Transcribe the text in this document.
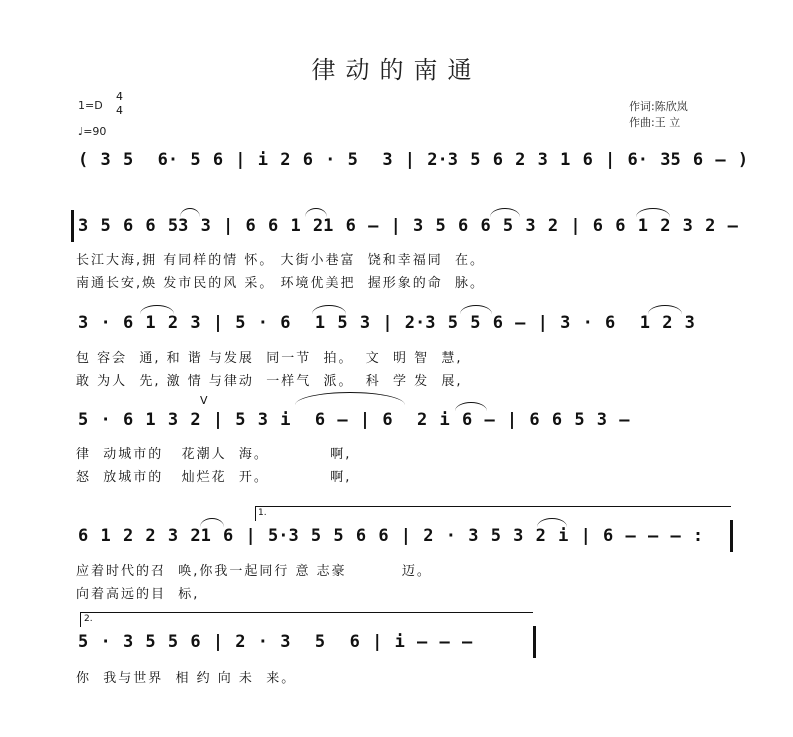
律动的南通
1=D
4
4
♩=90
作词:陈欣岚
作曲:王 立
( 3 5  6· 5 6 | i 2 6 · 5  3 | 2·3 5 6 2 3 1 6 | 6· 35 6 – )
3 5 6 6 53 3 | 6 6 1 21 6 – | 3 5 6 6 5 3 2 | 6 6 1 2 3 2 –
长江大海,拥 有同样的情 怀。 大街小巷富  饶和幸福同  在。
南通长安,焕 发市民的风 采。 环境优美把  握形象的命  脉。
3 · 6 1 2 3 | 5 · 6  1 5 3 | 2·3 5 5 6 – | 3 · 6  1 2 3
包 容会  通, 和 谐 与发展  同一节  拍。  文  明 智  慧,
敢 为人  先, 激 情 与律动  一样气  派。  科  学 发  展,
V
5 · 6 1 3 2 | 5 3 i  6 – | 6  2 i 6 – | 6 6 5 3 –
律  动城市的   花潮人  海。          啊,
怒  放城市的   灿烂花  开。          啊,
1.
6 1 2 2 3 21 6 | 5·3 5 5 6 6 | 2 · 3 5 3 2 i | 6 – – – :
应着时代的召  唤,你我一起同行 意 志豪         迈。
向着高远的目  标,
2.
5 · 3 5 5 6 | 2 · 3  5  6 | i – – –
你  我与世界  相 约 向 未  来。
